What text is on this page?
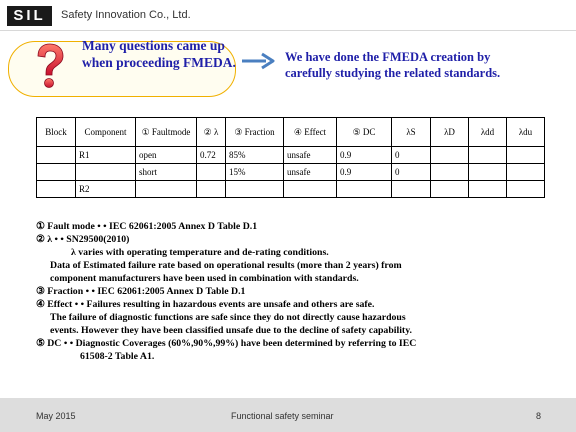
SIL	Safety Innovation Co., Ltd.
Many questions came up when proceeding FMEDA.	We have done the FMEDA creation by
carefully studying the related standards.
Block	Component	① Faultmode	② λ	③ Fraction	④ Effect	⑤ DC	λS	λD	λdd	λdu
	R1	open	0.72	85%	unsafe	0.9	0			
		short		15%	unsafe	0.9	0			
	R2									
① Fault mode • • IEC 62061:2005 Annex D Table D.1
② λ • • SN29500(2010)
λ varies with operating temperature and de-rating conditions.
Data of Estimated failure rate based on operational results (more than 2 years) from
component manufacturers have been used in combination with standards.
③ Fraction • • IEC 62061:2005 Annex D Table D.1
④ Effect • • Failures resulting in hazardous events are unsafe and others are safe.
The failure of diagnostic functions are safe since they do not directly cause hazardous
events. However they have been classified unsafe due to the decline of safety capability.
⑤ DC • • Diagnostic Coverages (60%,90%,99%) have been determined by referring to IEC
61508-2 Table A1.
May 2015	Functional safety seminar	8
